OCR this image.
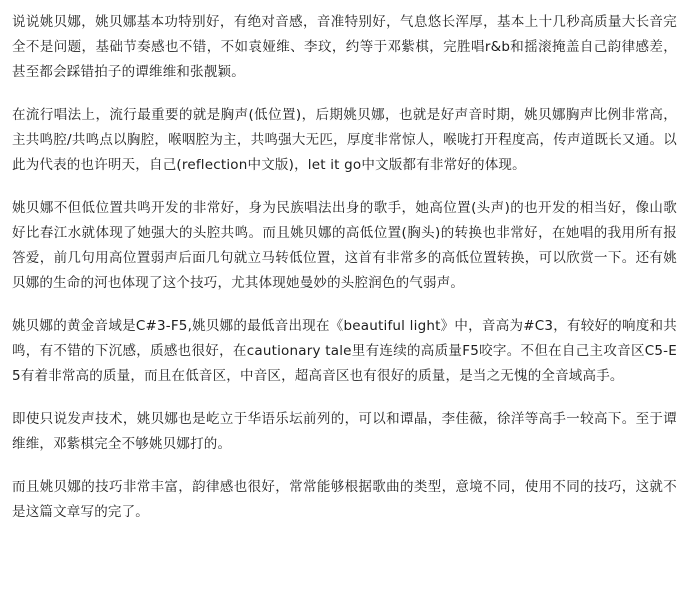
说说姚贝娜，姚贝娜基本功特别好，有绝对音感，音准特别好，气息悠长浑厚，基本上十几秒高质量大长音完全不是问题，基础节奏感也不错，不如袁娅维、李玟，约等于邓紫棋，完胜唱r&b和摇滚掩盖自己韵律感差，甚至都会踩错拍子的谭维维和张靓颖。

在流行唱法上，流行最重要的就是胸声(低位置)，后期姚贝娜，也就是好声音时期，姚贝娜胸声比例非常高，主共鸣腔/共鸣点以胸腔，喉咽腔为主，共鸣强大无匹，厚度非常惊人，喉咙打开程度高，传声道既长又通。以此为代表的也许明天，自己(reflection中文版)，let it go中文版都有非常好的体现。

姚贝娜不但低位置共鸣开发的非常好，身为民族唱法出身的歌手，她高位置(头声)的也开发的相当好，像山歌好比春江水就体现了她强大的头腔共鸣。而且姚贝娜的高低位置(胸头)的转换也非常好，在她唱的我用所有报答爱，前几句用高位置弱声后面几句就立马转低位置，这首有非常多的高低位置转换，可以欣赏一下。还有姚贝娜的生命的河也体现了这个技巧，尤其体现她曼妙的头腔润色的气弱声。

姚贝娜的黄金音域是C#3-F5,姚贝娜的最低音出现在《beautiful light》中，音高为#C3，有较好的响度和共鸣，有不错的下沉感，质感也很好，在cautionary tale里有连续的高质量F5咬字。不但在自己主攻音区C5-E5有着非常高的质量，而且在低音区，中音区，超高音区也有很好的质量，是当之无愧的全音域高手。

即使只说发声技术，姚贝娜也是屹立于华语乐坛前列的，可以和谭晶，李佳薇，徐洋等高手一较高下。至于谭维维，邓紫棋完全不够姚贝娜打的。

而且姚贝娜的技巧非常丰富，韵律感也很好，常常能够根据歌曲的类型，意境不同，使用不同的技巧，这就不是这篇文章写的完了。
